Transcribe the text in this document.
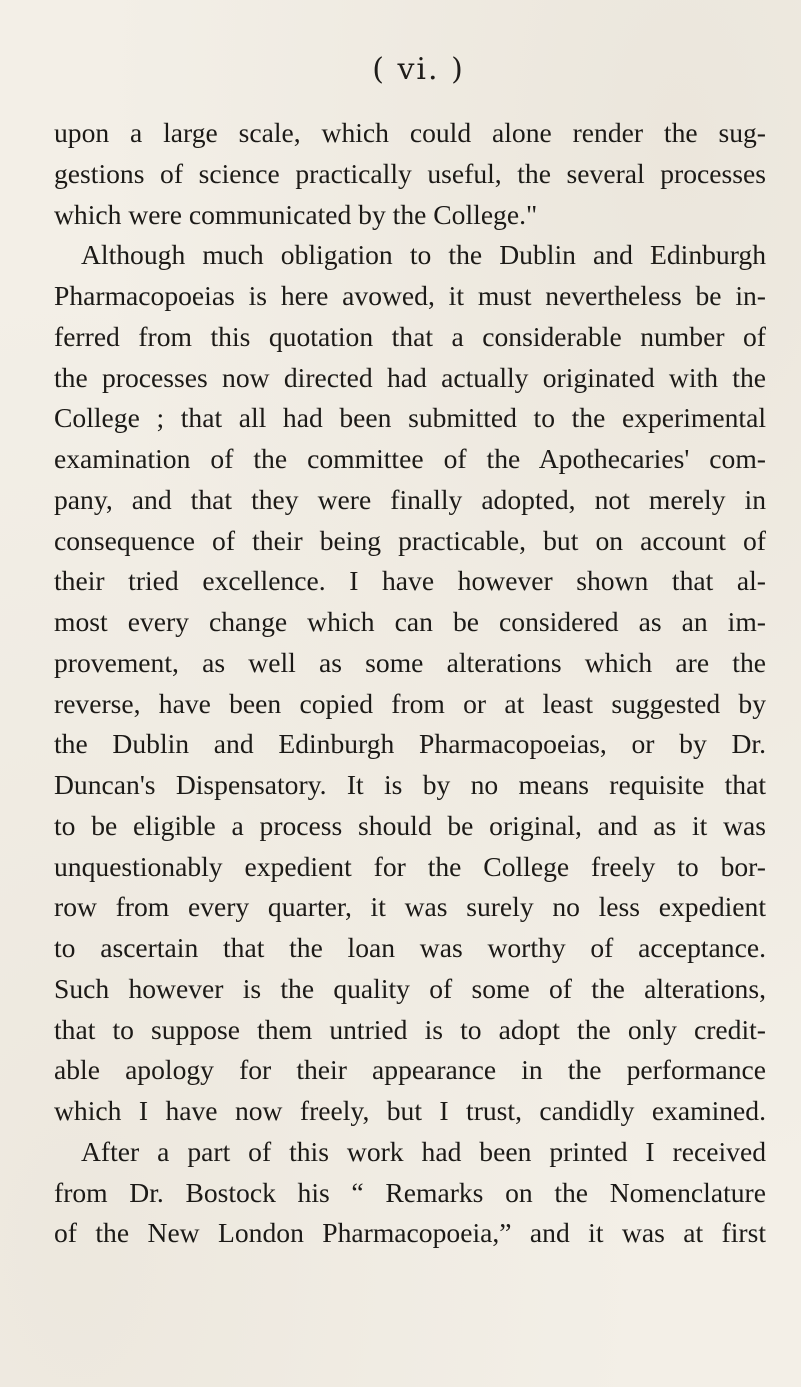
( vi. )
upon a large scale, which could alone render the sug-
gestions of science practically useful, the several processes
which were communicated by the College."
Although much obligation to the Dublin and Edinburgh
Pharmacopoeias is here avowed, it must nevertheless be in-
ferred from this quotation that a considerable number of
the processes now directed had actually originated with the
College ; that all had been submitted to the experimental
examination of the committee of the Apothecaries' com-
pany, and that they were finally adopted, not merely in
consequence of their being practicable, but on account of
their tried excellence. I have however shown that al-
most every change which can be considered as an im-
provement, as well as some alterations which are the
reverse, have been copied from or at least suggested by
the Dublin and Edinburgh Pharmacopoeias, or by Dr.
Duncan's Dispensatory. It is by no means requisite that
to be eligible a process should be original, and as it was
unquestionably expedient for the College freely to bor-
row from every quarter, it was surely no less expedient
to ascertain that the loan was worthy of acceptance.
Such however is the quality of some of the alterations,
that to suppose them untried is to adopt the only credit-
able apology for their appearance in the performance
which I have now freely, but I trust, candidly examined.
After a part of this work had been printed I received
from Dr. Bostock his “ Remarks on the Nomenclature
of the New London Pharmacopoeia,” and it was at first
